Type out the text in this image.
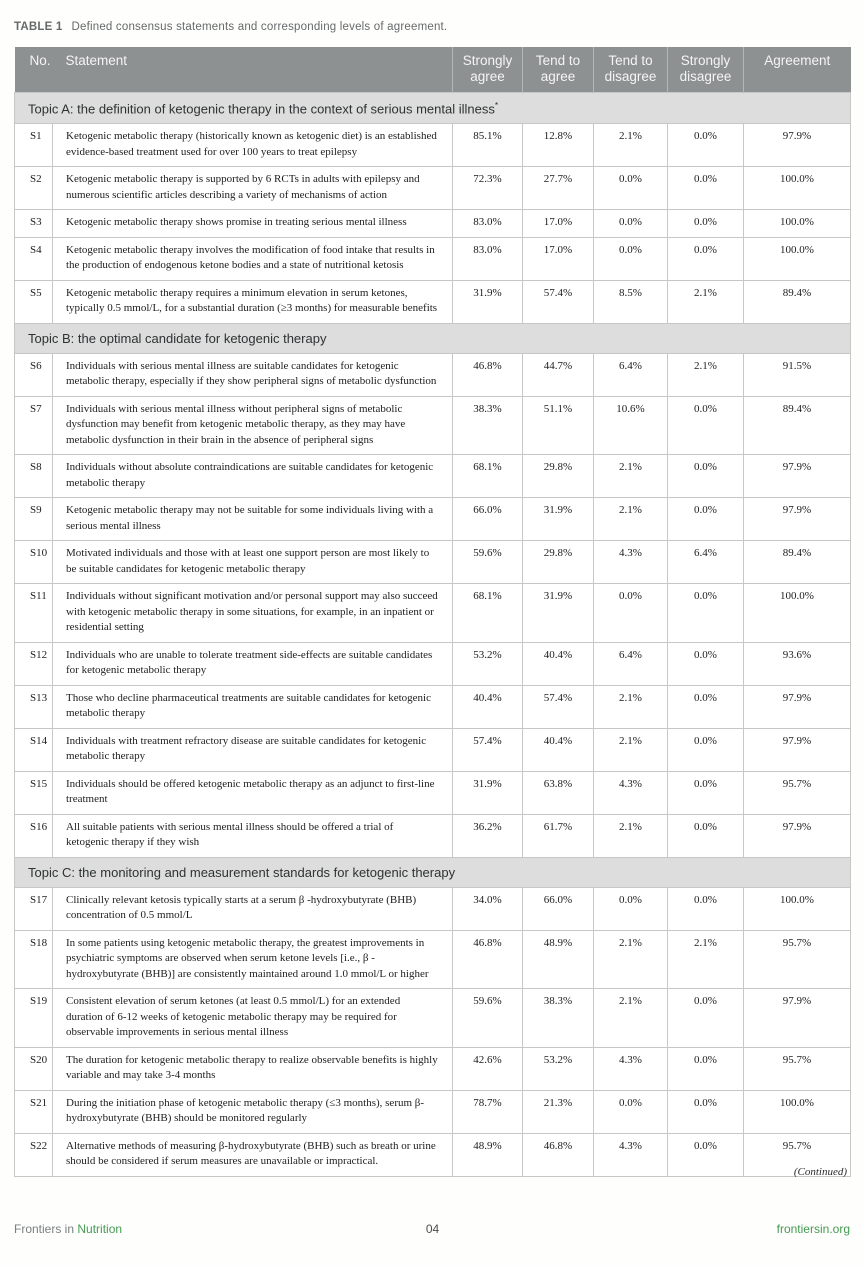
TABLE 1 Defined consensus statements and corresponding levels of agreement.
No.	Statement	Strongly agree	Tend to agree	Tend to disagree	Strongly disagree	Agreement
Topic A: the definition of ketogenic therapy in the context of serious mental illness*
S1	Ketogenic metabolic therapy (historically known as ketogenic diet) is an established evidence-based treatment used for over 100 years to treat epilepsy	85.1%	12.8%	2.1%	0.0%	97.9%
S2	Ketogenic metabolic therapy is supported by 6 RCTs in adults with epilepsy and numerous scientific articles describing a variety of mechanisms of action	72.3%	27.7%	0.0%	0.0%	100.0%
S3	Ketogenic metabolic therapy shows promise in treating serious mental illness	83.0%	17.0%	0.0%	0.0%	100.0%
S4	Ketogenic metabolic therapy involves the modification of food intake that results in the production of endogenous ketone bodies and a state of nutritional ketosis	83.0%	17.0%	0.0%	0.0%	100.0%
S5	Ketogenic metabolic therapy requires a minimum elevation in serum ketones, typically 0.5 mmol/L, for a substantial duration (≥3 months) for measurable benefits	31.9%	57.4%	8.5%	2.1%	89.4%
Topic B: the optimal candidate for ketogenic therapy						
S6	Individuals with serious mental illness are suitable candidates for ketogenic metabolic therapy, especially if they show peripheral signs of metabolic dysfunction	46.8%	44.7%	6.4%	2.1%	91.5%
S7	Individuals with serious mental illness without peripheral signs of metabolic dysfunction may benefit from ketogenic metabolic therapy, as they may have metabolic dysfunction in their brain in the absence of peripheral signs	38.3%	51.1%	10.6%	0.0%	89.4%
S8	Individuals without absolute contraindications are suitable candidates for ketogenic metabolic therapy	68.1%	29.8%	2.1%	0.0%	97.9%
S9	Ketogenic metabolic therapy may not be suitable for some individuals living with a serious mental illness	66.0%	31.9%	2.1%	0.0%	97.9%
S10	Motivated individuals and those with at least one support person are most likely to be suitable candidates for ketogenic metabolic therapy	59.6%	29.8%	4.3%	6.4%	89.4%
S11	Individuals without significant motivation and/or personal support may also succeed with ketogenic metabolic therapy in some situations, for example, in an inpatient or residential setting	68.1%	31.9%	0.0%	0.0%	100.0%
S12	Individuals who are unable to tolerate treatment side-effects are suitable candidates for ketogenic metabolic therapy	53.2%	40.4%	6.4%	0.0%	93.6%
S13	Those who decline pharmaceutical treatments are suitable candidates for ketogenic metabolic therapy	40.4%	57.4%	2.1%	0.0%	97.9%
S14	Individuals with treatment refractory disease are suitable candidates for ketogenic metabolic therapy	57.4%	40.4%	2.1%	0.0%	97.9%
S15	Individuals should be offered ketogenic metabolic therapy as an adjunct to first-line treatment	31.9%	63.8%	4.3%	0.0%	95.7%
S16	All suitable patients with serious mental illness should be offered a trial of ketogenic therapy if they wish	36.2%	61.7%	2.1%	0.0%	97.9%
Topic C: the monitoring and measurement standards for ketogenic therapy						
S17	Clinically relevant ketosis typically starts at a serum β -hydroxybutyrate (BHB) concentration of 0.5 mmol/L	34.0%	66.0%	0.0%	0.0%	100.0%
S18	In some patients using ketogenic metabolic therapy, the greatest improvements in psychiatric symptoms are observed when serum ketone levels [i.e., β -hydroxybutyrate (BHB)] are consistently maintained around 1.0 mmol/L or higher	46.8%	48.9%	2.1%	2.1%	95.7%
S19	Consistent elevation of serum ketones (at least 0.5 mmol/L) for an extended duration of 6-12 weeks of ketogenic metabolic therapy may be required for observable improvements in serious mental illness	59.6%	38.3%	2.1%	0.0%	97.9%
S20	The duration for ketogenic metabolic therapy to realize observable benefits is highly variable and may take 3-4 months	42.6%	53.2%	4.3%	0.0%	95.7%
S21	During the initiation phase of ketogenic metabolic therapy (≤3 months), serum β-hydroxybutyrate (BHB) should be monitored regularly	78.7%	21.3%	0.0%	0.0%	100.0%
S22	Alternative methods of measuring β-hydroxybutyrate (BHB) such as breath or urine should be considered if serum measures are unavailable or impractical.	48.9%	46.8%	4.3%	0.0%	95.7%
(Continued)
Frontiers in Nutrition	04	frontiersin.org
